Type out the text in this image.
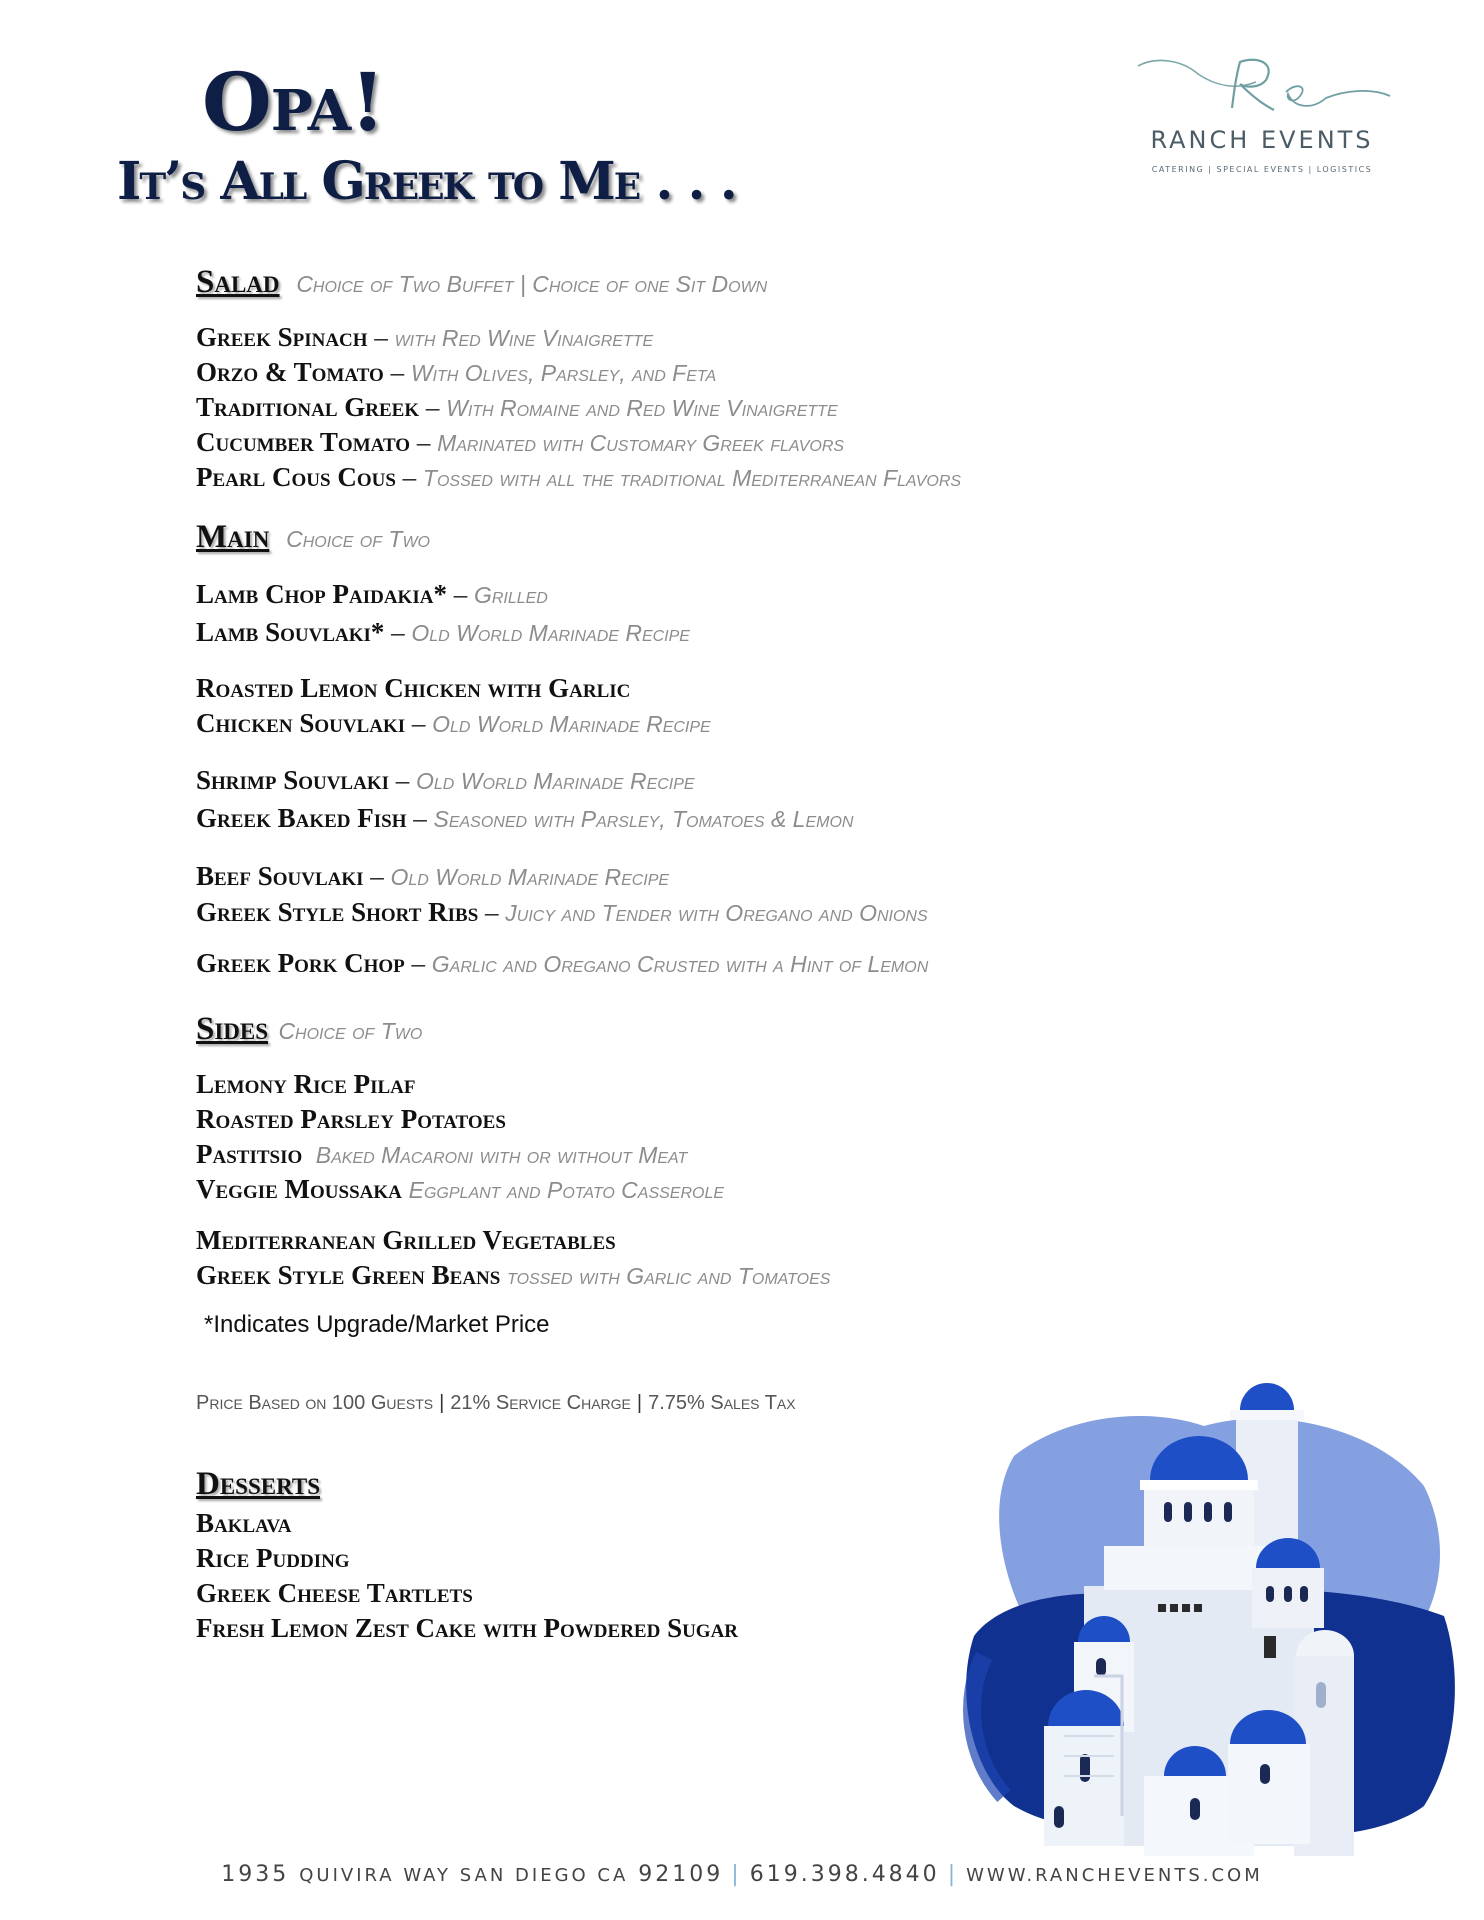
Opa!
It’s All Greek to Me . . .
RANCH EVENTS
CATERING | SPECIAL EVENTS | LOGISTICS
Salad Choice of Two Buffet | Choice of one Sit Down
Greek Spinach – with Red Wine Vinaigrette
Orzo & Tomato – With Olives, Parsley, and Feta
Traditional Greek – With Romaine and Red Wine Vinaigrette
Cucumber Tomato – Marinated with Customary Greek flavors
Pearl Cous Cous – Tossed with all the traditional Mediterranean Flavors
Main Choice of Two
Lamb Chop Paidakia* – Grilled
Lamb Souvlaki* – Old World Marinade Recipe
Roasted Lemon Chicken with Garlic
Chicken Souvlaki – Old World Marinade Recipe
Shrimp Souvlaki – Old World Marinade Recipe
Greek Baked Fish – Seasoned with Parsley, Tomatoes & Lemon
Beef Souvlaki – Old World Marinade Recipe
Greek Style Short Ribs – Juicy and Tender with Oregano and Onions
Greek Pork Chop – Garlic and Oregano Crusted with a Hint of Lemon
Sides Choice of Two
Lemony Rice Pilaf
Roasted Parsley Potatoes
Pastitsio Baked Macaroni with or without Meat
Veggie Moussaka Eggplant and Potato Casserole
Mediterranean Grilled Vegetables
Greek Style Green Beans tossed with Garlic and Tomatoes
*Indicates Upgrade/Market Price
Price Based on 100 Guests | 21% Service Charge | 7.75% Sales Tax
Desserts
Baklava
Rice Pudding
Greek Cheese Tartlets
Fresh Lemon Zest Cake with Powdered Sugar
1935 QUIVIRA WAY SAN DIEGO CA 92109 | 619.398.4840 | WWW.RANCHEVENTS.COM
